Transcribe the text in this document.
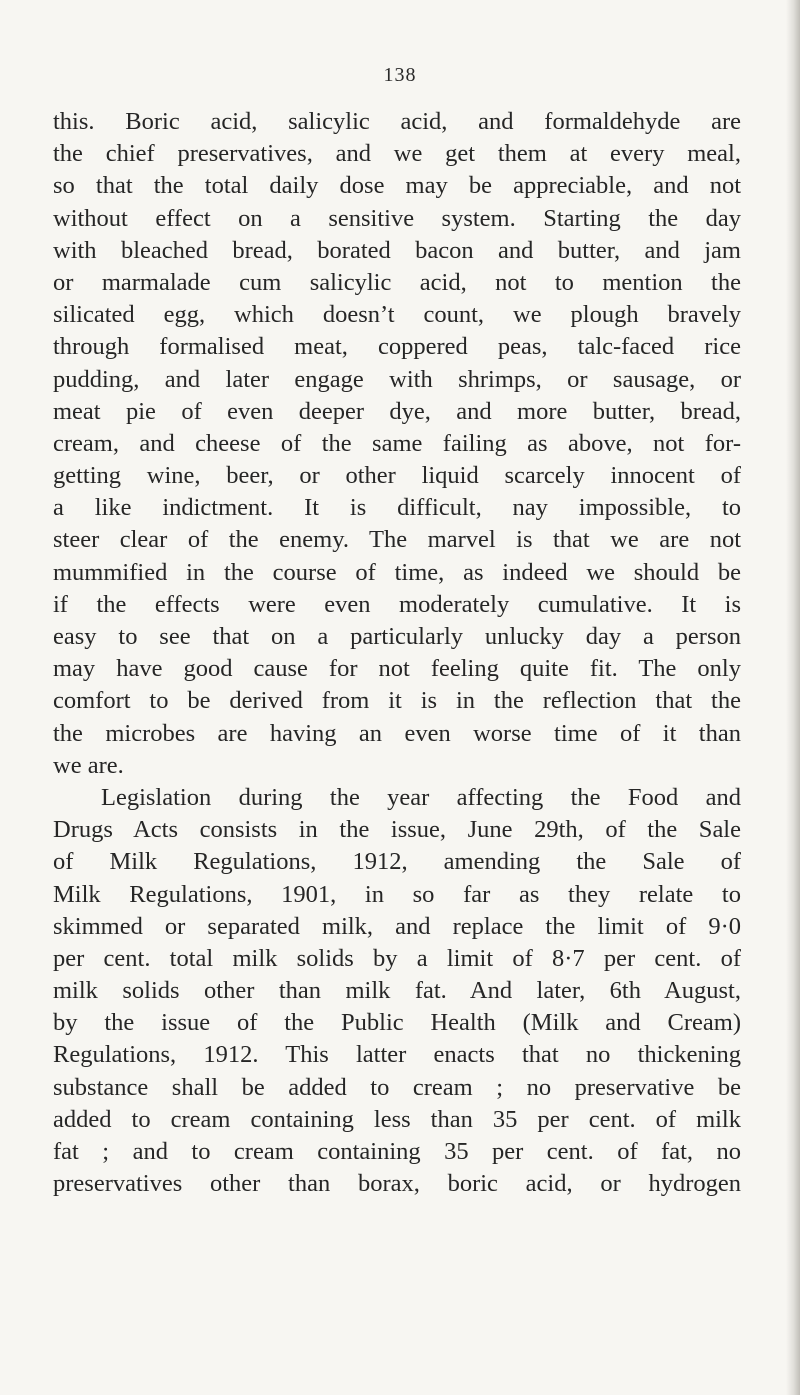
138

this. Boric acid, salicylic acid, and formaldehyde are
the chief preservatives, and we get them at every meal,
so that the total daily dose may be appreciable, and not
without effect on a sensitive system. Starting the day
with bleached bread, borated bacon and butter, and jam
or marmalade cum salicylic acid, not to mention the
silicated egg, which doesn’t count, we plough bravely
through formalised meat, coppered peas, talc-faced rice
pudding, and later engage with shrimps, or sausage, or
meat pie of even deeper dye, and more butter, bread,
cream, and cheese of the same failing as above, not for-
getting wine, beer, or other liquid scarcely innocent of
a like indictment. It is difficult, nay impossible, to
steer clear of the enemy. The marvel is that we are not
mummified in the course of time, as indeed we should be
if the effects were even moderately cumulative. It is
easy to see that on a particularly unlucky day a person
may have good cause for not feeling quite fit. The only
comfort to be derived from it is in the reflection that the
the microbes are having an even worse time of it than
we are.
Legislation during the year affecting the Food and
Drugs Acts consists in the issue, June 29th, of the Sale
of Milk Regulations, 1912, amending the Sale of
Milk Regulations, 1901, in so far as they relate to
skimmed or separated milk, and replace the limit of 9·0
per cent. total milk solids by a limit of 8·7 per cent. of
milk solids other than milk fat. And later, 6th August,
by the issue of the Public Health (Milk and Cream)
Regulations, 1912. This latter enacts that no thickening
substance shall be added to cream ; no preservative be
added to cream containing less than 35 per cent. of milk
fat ; and to cream containing 35 per cent. of fat, no
preservatives other than borax, boric acid, or hydrogen
